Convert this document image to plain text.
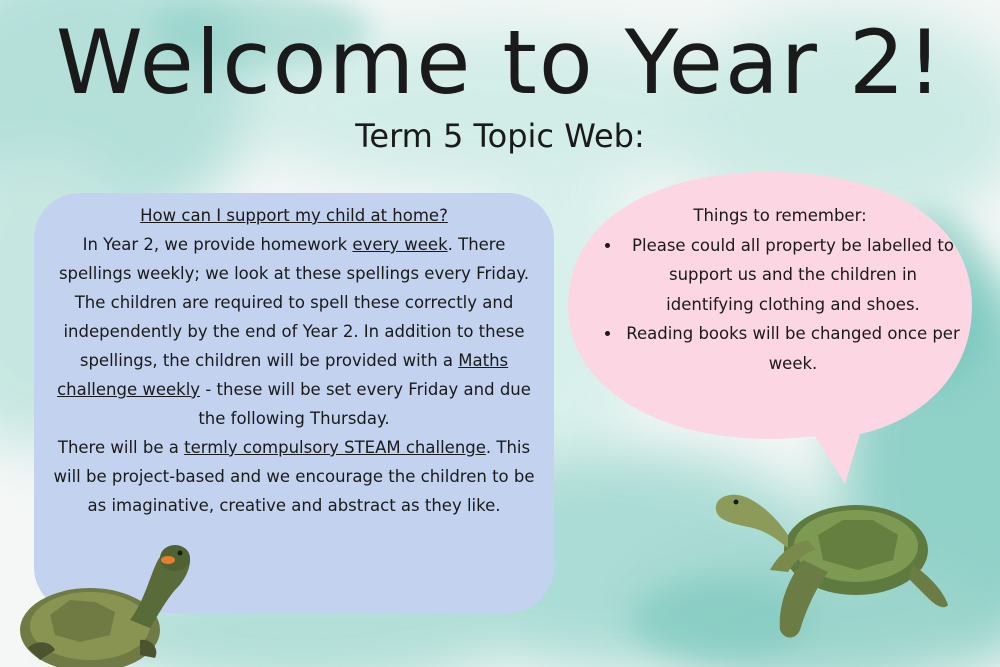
Welcome to Year 2!
Term 5 Topic Web:
How can I support my child at home?
In Year 2, we provide homework every week. There spellings weekly; we look at these spellings every Friday. The children are required to spell these correctly and independently by the end of Year 2. In addition to these spellings, the children will be provided with a Maths challenge weekly - these will be set every Friday and due the following Thursday.
There will be a termly compulsory STEAM challenge. This will be project-based and we encourage the children to be as imaginative, creative and abstract as they like.
Things to remember:
• Please could all property be labelled to support us and the children in identifying clothing and shoes.
• Reading books will be changed once per week.
